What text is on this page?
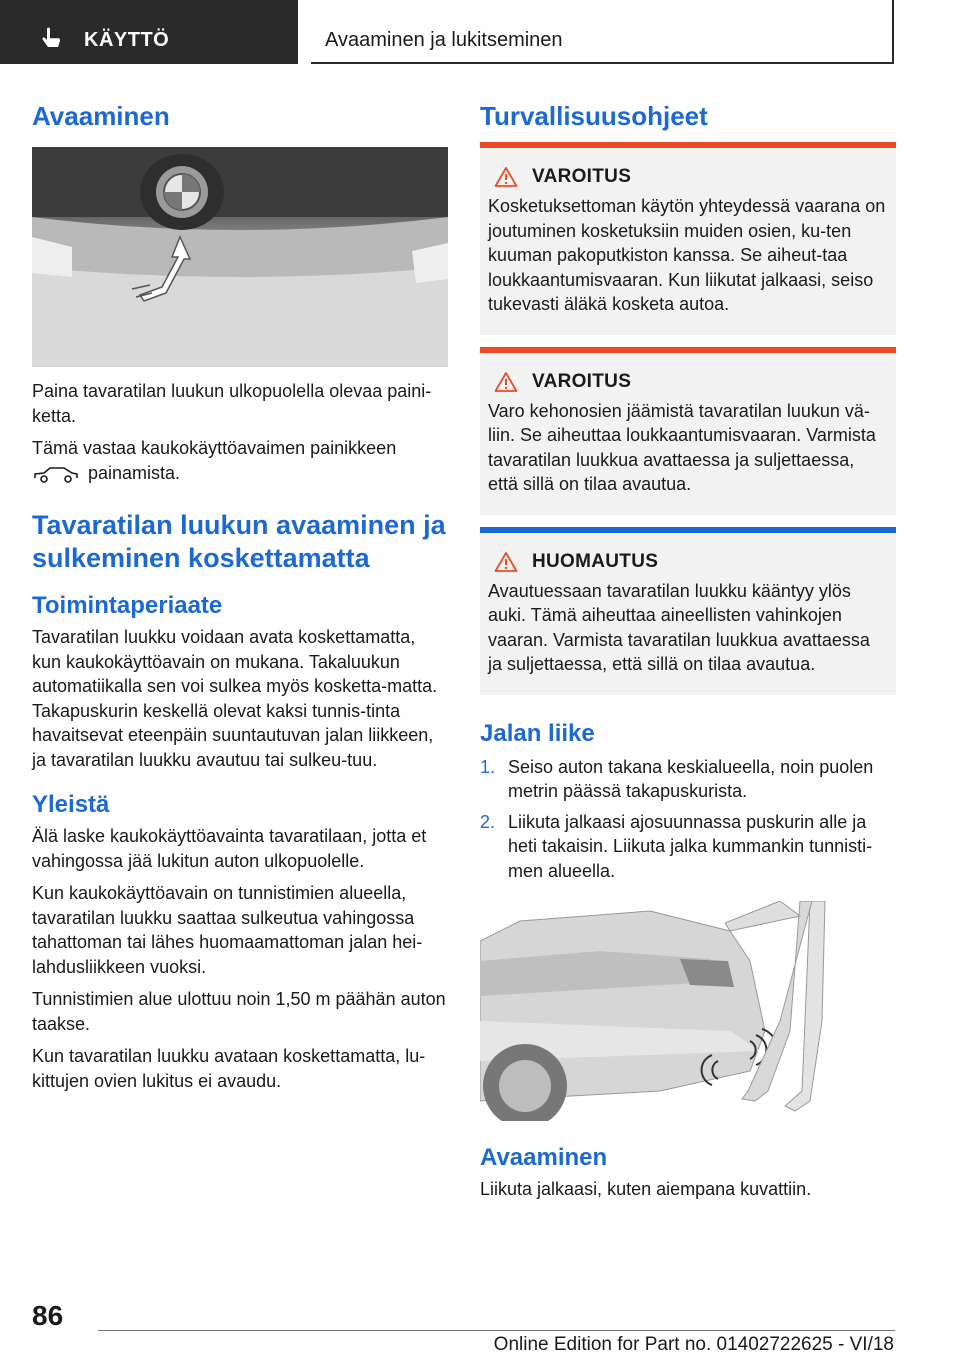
KÄYTTÖ	Avaaminen ja lukitseminen
Avaaminen

Paina tavaratilan luukun ulkopuolella olevaa paini-ketta.

Tämä vastaa kaukokäyttöavaimen painikkeen
painamista.

Tavaratilan luukun avaaminen ja sulkeminen koskettamatta
Toimintaperiaate

Tavaratilan luukku voidaan avata koskettamatta, kun kaukokäyttöavain on mukana. Takaluukun automatiikalla sen voi sulkea myös kosketta-matta. Takapuskurin keskellä olevat kaksi tunnis-tinta havaitsevat eteenpäin suuntautuvan jalan liikkeen, ja tavaratilan luukku avautuu tai sulkeu-tuu.

Yleistä

Älä laske kaukokäyttöavainta tavaratilaan, jotta et vahingossa jää lukitun auton ulkopuolelle.

Kun kaukokäyttöavain on tunnistimien alueella, tavaratilan luukku saattaa sulkeutua vahingossa tahattoman tai lähes huomaamattoman jalan hei-lahdusliikkeen vuoksi.

Tunnistimien alue ulottuu noin 1,50 m päähän auton taakse.

Kun tavaratilan luukku avataan koskettamatta, lu-kittujen ovien lukitus ei avaudu.

Turvallisuusohjeet
VAROITUS

Kosketuksettoman käytön yhteydessä vaarana on joutuminen kosketuksiin muiden osien, ku-ten kuuman pakoputkiston kanssa. Se aiheut-taa loukkaantumisvaaran. Kun liikutat jalkaasi, seiso tukevasti äläkä kosketa autoa.

VAROITUS

Varo kehonosien jäämistä tavaratilan luukun vä-liin. Se aiheuttaa loukkaantumisvaaran. Varmista tavaratilan luukkua avattaessa ja suljettaessa, että sillä on tilaa avautua.

HUOMAUTUS

Avautuessaan tavaratilan luukku kääntyy ylös auki. Tämä aiheuttaa aineellisten vahinkojen vaaran. Varmista tavaratilan luukkua avattaessa ja suljettaessa, että sillä on tilaa avautua.

Jalan liike
1. Seiso auton takana keskialueella, noin puolen metrin päässä takapuskurista.
2. Liikuta jalkaasi ajosuunnassa puskurin alle ja heti takaisin. Liikuta jalka kummankin tunnisti-men alueella.
Avaaminen

Liikuta jalkaasi, kuten aiempana kuvattiin.

86
Online Edition for Part no. 01402722625 - VI/18
